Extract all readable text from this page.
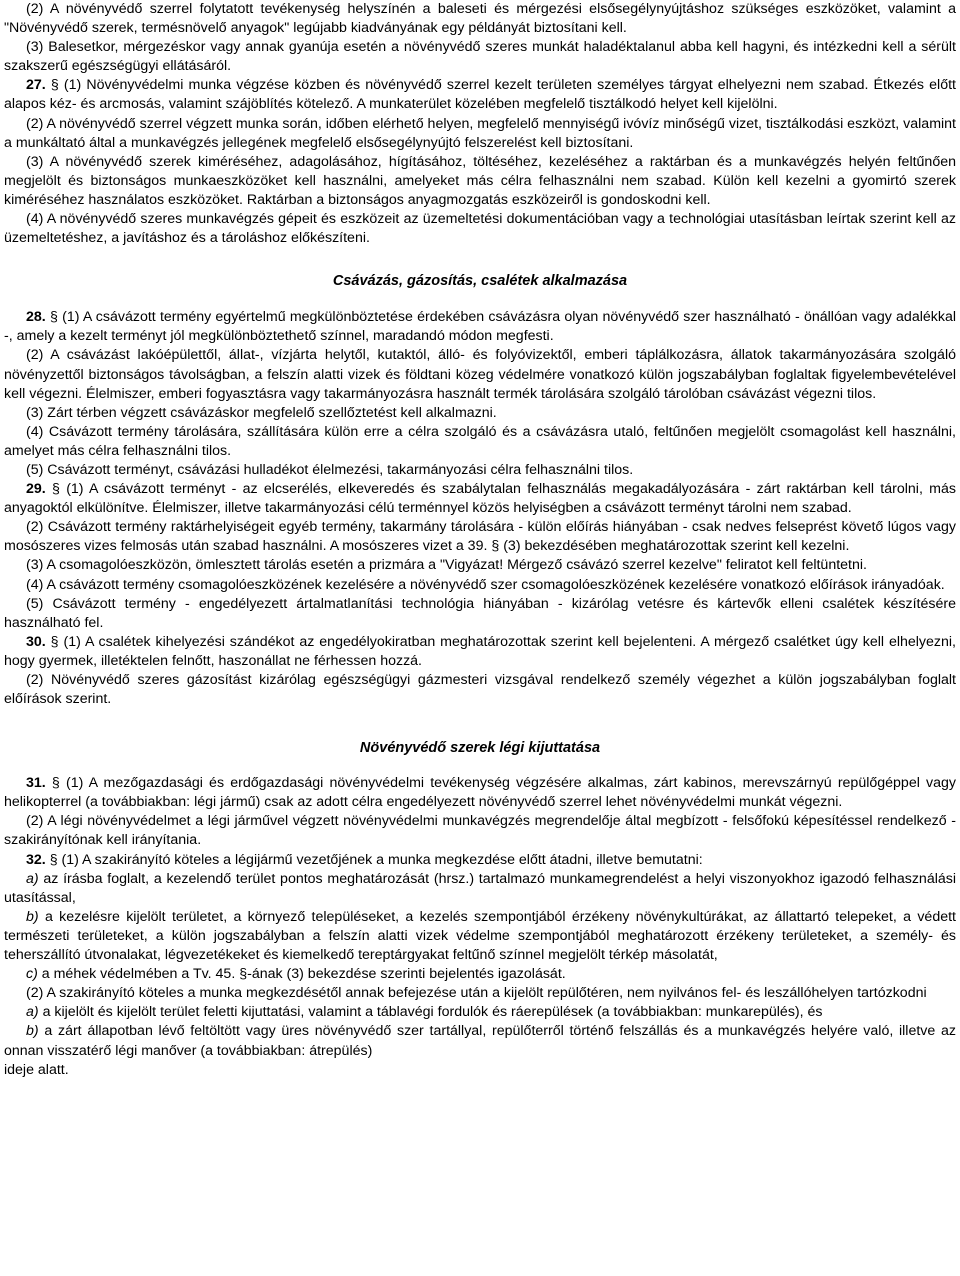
(2) A növényvédő szerrel folytatott tevékenység helyszínén a baleseti és mérgezési elsősegélynyújtáshoz szükséges eszközöket, valamint a "Növényvédő szerek, termésnövelő anyagok" legújabb kiadványának egy példányát biztosítani kell.

(3) Balesetkor, mérgezéskor vagy annak gyanúja esetén a növényvédő szeres munkát haladéktalanul abba kell hagyni, és intézkedni kell a sérült szakszerű egészségügyi ellátásáról.

27. § (1) Növényvédelmi munka végzése közben és növényvédő szerrel kezelt területen személyes tárgyat elhelyezni nem szabad. Étkezés előtt alapos kéz- és arcmosás, valamint szájöblítés kötelező. A munkaterület közelében megfelelő tisztálkodó helyet kell kijelölni.

(2) A növényvédő szerrel végzett munka során, időben elérhető helyen, megfelelő mennyiségű ivóvíz minőségű vizet, tisztálkodási eszközt, valamint a munkáltató által a munkavégzés jellegének megfelelő elsősegélynyújtó felszerelést kell biztosítani.

(3) A növényvédő szerek kiméréséhez, adagolásához, hígításához, töltéséhez, kezeléséhez a raktárban és a munkavégzés helyén feltűnően megjelölt és biztonságos munkaeszközöket kell használni, amelyeket más célra felhasználni nem szabad. Külön kell kezelni a gyomirtó szerek kiméréséhez használatos eszközöket. Raktárban a biztonságos anyagmozgatás eszközeiről is gondoskodni kell.

(4) A növényvédő szeres munkavégzés gépeit és eszközeit az üzemeltetési dokumentációban vagy a technológiai utasításban leírtak szerint kell az üzemeltetéshez, a javításhoz és a tároláshoz előkészíteni.

Csávázás, gázosítás, csalétek alkalmazása

28. § (1) A csávázott termény egyértelmű megkülönböztetése érdekében csávázásra olyan növényvédő szer használható - önállóan vagy adalékkal -, amely a kezelt terményt jól megkülönböztethető színnel, maradandó módon megfesti.

(2) A csávázást lakóépülettől, állat-, vízjárta helytől, kutaktól, álló- és folyóvizektől, emberi táplálkozásra, állatok takarmányozására szolgáló növényzettől biztonságos távolságban, a felszín alatti vizek és földtani közeg védelmére vonatkozó külön jogszabályban foglaltak figyelembevételével kell végezni. Élelmiszer, emberi fogyasztásra vagy takarmányozásra használt termék tárolására szolgáló tárolóban csávázást végezni tilos.

(3) Zárt térben végzett csávázáskor megfelelő szellőztetést kell alkalmazni.

(4) Csávázott termény tárolására, szállítására külön erre a célra szolgáló és a csávázásra utaló, feltűnően megjelölt csomagolást kell használni, amelyet más célra felhasználni tilos.

(5) Csávázott terményt, csávázási hulladékot élelmezési, takarmányozási célra felhasználni tilos.

29. § (1) A csávázott terményt - az elcserélés, elkeveredés és szabálytalan felhasználás megakadályozására - zárt raktárban kell tárolni, más anyagoktól elkülönítve. Élelmiszer, illetve takarmányozási célú terménnyel közös helyiségben a csávázott terményt tárolni nem szabad.

(2) Csávázott termény raktárhelyiségeit egyéb termény, takarmány tárolására - külön előírás hiányában - csak nedves felseprést követő lúgos vagy mosószeres vizes felmosás után szabad használni. A mosószeres vizet a 39. § (3) bekezdésében meghatározottak szerint kell kezelni.

(3) A csomagolóeszközön, ömlesztett tárolás esetén a prizmára a "Vigyázat! Mérgező csávázó szerrel kezelve" feliratot kell feltüntetni.

(4) A csávázott termény csomagolóeszközének kezelésére a növényvédő szer csomagolóeszközének kezelésére vonatkozó előírások irányadóak.

(5) Csávázott termény - engedélyezett ártalmatlanítási technológia hiányában - kizárólag vetésre és kártevők elleni csalétek készítésére használható fel.

30. § (1) A csalétek kihelyezési szándékot az engedélyokiratban meghatározottak szerint kell bejelenteni. A mérgező csalétket úgy kell elhelyezni, hogy gyermek, illetéktelen felnőtt, haszonállat ne férhessen hozzá.

(2) Növényvédő szeres gázosítást kizárólag egészségügyi gázmesteri vizsgával rendelkező személy végezhet a külön jogszabályban foglalt előírások szerint.

Növényvédő szerek légi kijuttatása

31. § (1) A mezőgazdasági és erdőgazdasági növényvédelmi tevékenység végzésére alkalmas, zárt kabinos, merevszárnyú repülőgéppel vagy helikopterrel (a továbbiakban: légi jármű) csak az adott célra engedélyezett növényvédő szerrel lehet növényvédelmi munkát végezni.

(2) A légi növényvédelmet a légi járművel végzett növényvédelmi munkavégzés megrendelője által megbízott - felsőfokú képesítéssel rendelkező - szakirányítónak kell irányítania.

32. § (1) A szakirányító köteles a légijármű vezetőjének a munka megkezdése előtt átadni, illetve bemutatni:

a) az írásba foglalt, a kezelendő terület pontos meghatározását (hrsz.) tartalmazó munkamegrendelést a helyi viszonyokhoz igazodó felhasználási utasítással,

b) a kezelésre kijelölt területet, a környező településeket, a kezelés szempontjából érzékeny növénykultúrákat, az állattartó telepeket, a védett természeti területeket, a külön jogszabályban a felszín alatti vizek védelme szempontjából meghatározott érzékeny területeket, a személy- és teherszállító útvonalakat, légvezetékeket és kiemelkedő tereptárgyakat feltűnő színnel megjelölt térkép másolatát,

c) a méhek védelmében a Tv. 45. §-ának (3) bekezdése szerinti bejelentés igazolását.

(2) A szakirányító köteles a munka megkezdésétől annak befejezése után a kijelölt repülőtéren, nem nyilvános fel- és leszállóhelyen tartózkodni

a) a kijelölt és kijelölt terület feletti kijuttatási, valamint a táblavégi fordulók és ráerepülések (a továbbiakban: munkarepülés), és

b) a zárt állapotban lévő feltöltött vagy üres növényvédő szer tartállyal, repülőterről történő felszállás és a munkavégzés helyére való, illetve az onnan visszatérő légi manőver (a továbbiakban: átrepülés)

ideje alatt.
